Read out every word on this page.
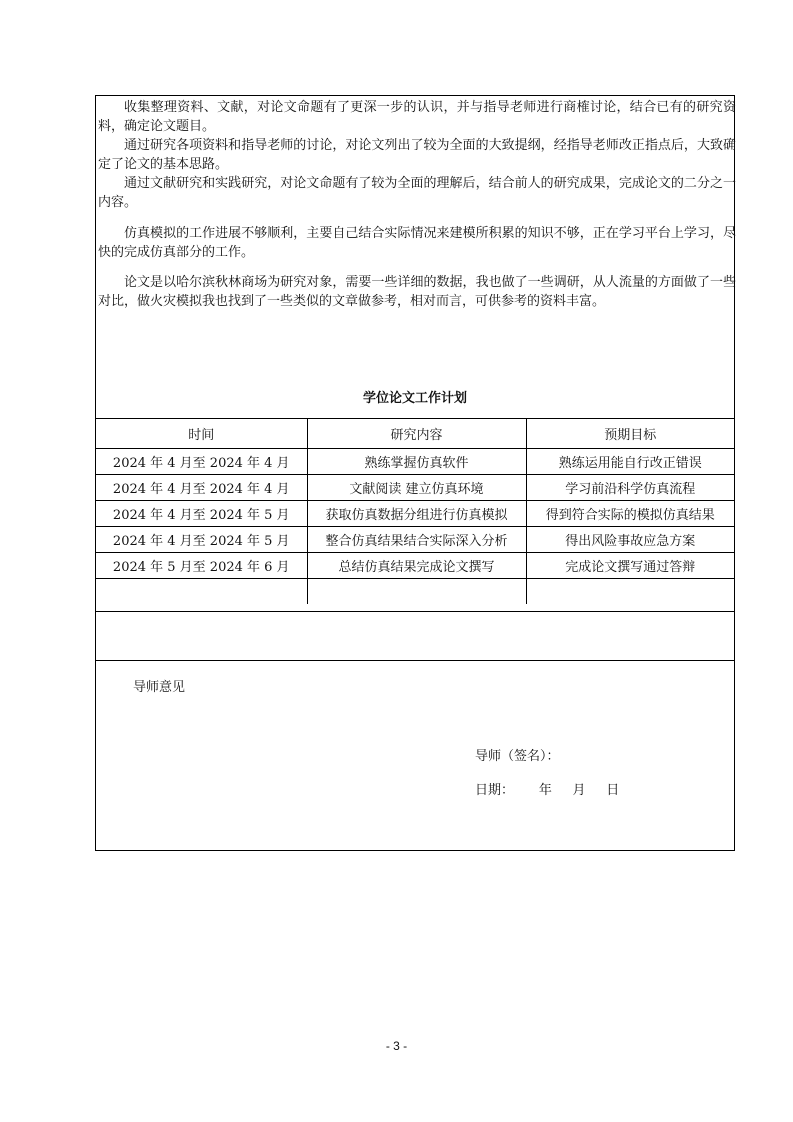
收集整理资料、文献，对论文命题有了更深一步的认识，并与指导老师进行商榷讨论，结合已有的研究资料，确定论文题目。

通过研究各项资料和指导老师的讨论，对论文列出了较为全面的大致提纲，经指导老师改正指点后，大致确定了论文的基本思路。

通过文献研究和实践研究，对论文命题有了较为全面的理解后，结合前人的研究成果，完成论文的二分之一内容。

仿真模拟的工作进展不够顺利，主要自己结合实际情况来建模所积累的知识不够，正在学习平台上学习，尽快的完成仿真部分的工作。

论文是以哈尔滨秋林商场为研究对象，需要一些详细的数据，我也做了一些调研，从人流量的方面做了一些对比，做火灾模拟我也找到了一些类似的文章做参考，相对而言，可供参考的资料丰富。

学位论文工作计划
时间	研究内容	预期目标
2024 年 4 月至 2024 年 4 月	熟练掌握仿真软件	熟练运用能自行改正错误
2024 年 4 月至 2024 年 4 月	文献阅读 建立仿真环境	学习前沿科学仿真流程
2024 年 4 月至 2024 年 5 月	获取仿真数据分组进行仿真模拟	得到符合实际的模拟仿真结果
2024 年 4 月至 2024 年 5 月	整合仿真结果结合实际深入分析	得出风险事故应急方案
2024 年 5 月至 2024 年 6 月	总结仿真结果完成论文撰写	完成论文撰写通过答辩

导师意见
导师（签名）：
日期： 年 月 日
- 3 -
